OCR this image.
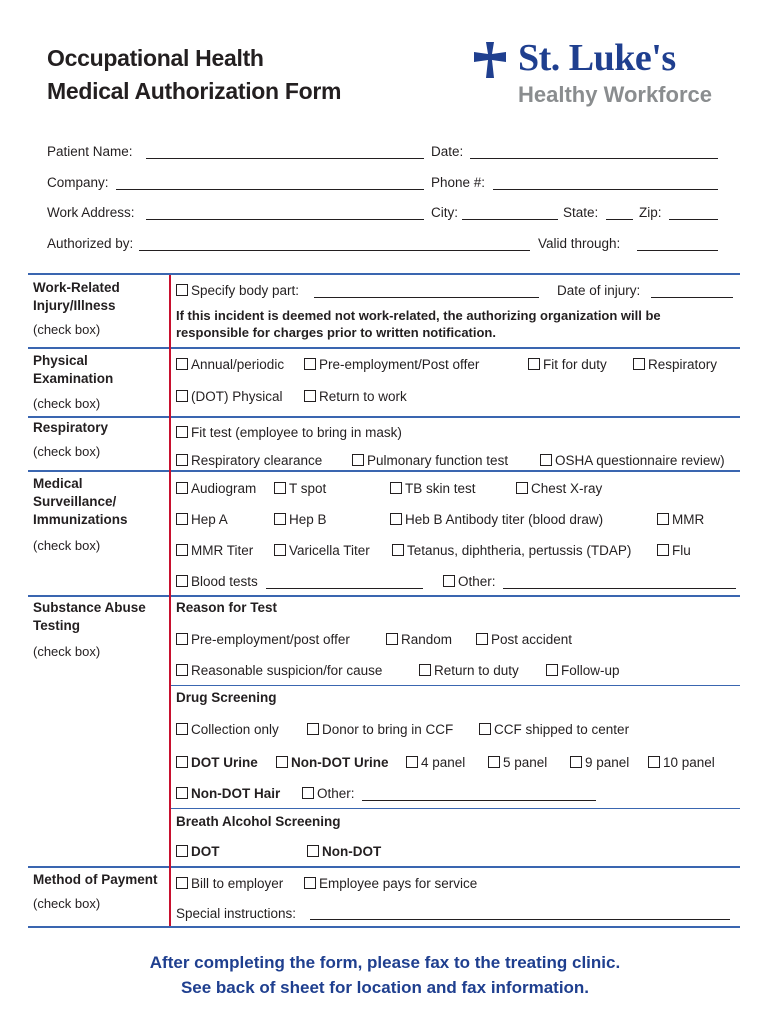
Occupational Health
Medical Authorization Form
St. Luke's
Healthy Workforce
Patient Name:	Date:
Company:	Phone #:
Work Address:	City:	State:	Zip:
Authorized by:	Valid through:
Work-Related Injury/Illness
(check box)
Specify body part:	Date of injury:
If this incident is deemed not work-related, the authorizing organization will be responsible for charges prior to written notification.
Physical Examination
(check box)
Annual/periodic	Pre-employment/Post offer	Fit for duty	Respiratory
(DOT) Physical	Return to work
Respiratory
(check box)
Fit test (employee to bring in mask)
Respiratory clearance	Pulmonary function test	OSHA questionnaire review)
Medical Surveillance/ Immunizations
(check box)
Audiogram	T spot	TB skin test	Chest X-ray
Hep A	Hep B	Heb B Antibody titer (blood draw)	MMR
MMR Titer	Varicella Titer	Tetanus, diphtheria, pertussis (TDAP)	Flu
Blood tests	Other:
Substance Abuse Testing
(check box)
Reason for Test
Pre-employment/post offer	Random	Post accident
Reasonable suspicion/for cause	Return to duty	Follow-up
Drug Screening
Collection only	Donor to bring in CCF	CCF shipped to center
DOT Urine	Non-DOT Urine	4 panel	5 panel	9 panel	10 panel
Non-DOT Hair	Other:
Breath Alcohol Screening
DOT	Non-DOT
Method of Payment
(check box)
Bill to employer	Employee pays for service
Special instructions:
After completing the form, please fax to the treating clinic.
See back of sheet for location and fax information.
